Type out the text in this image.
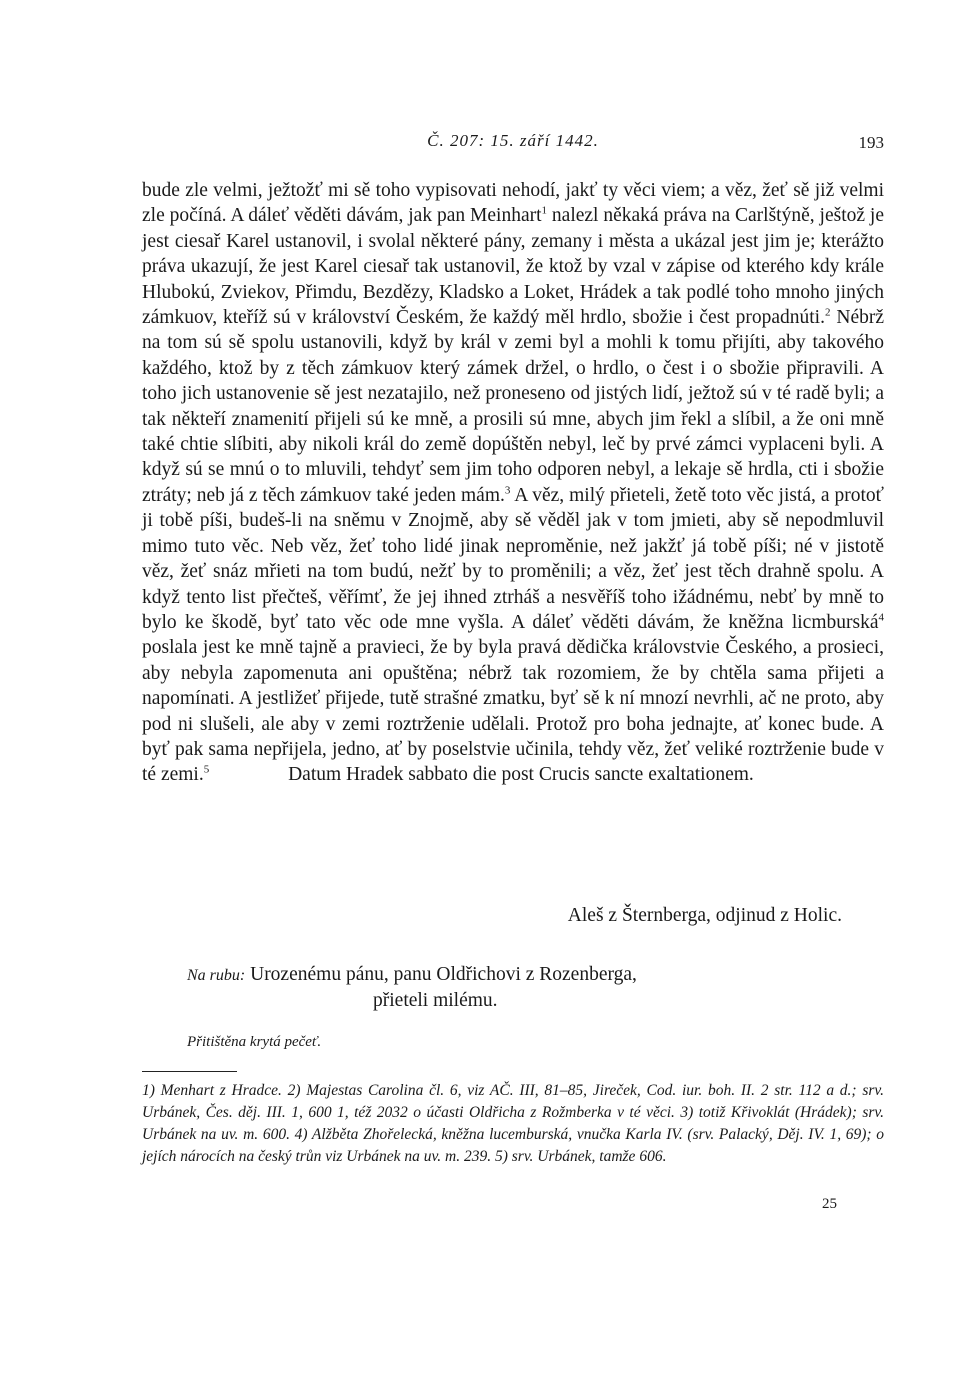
Č. 207: 15. září 1442.	193
bude zle velmi, ježtožť mi sě toho vypisovati nehodí, jakť ty věci viem; a věz, žeť sě již velmi zle počíná. A dáleť věděti dávám, jak pan Meinhart$^1$ nalezl někaká práva na Carlštýně, ještož je jest ciesař Karel ustanovil, i svolal některé pány, zemany i města a ukázal jest jim je; kterážto práva ukazují, že jest Karel ciesař tak ustanovil, že ktož by vzal v zápise od kterého kdy krále Hlubokú, Zviekov, Přimdu, Bezdězy, Kladsko a Loket, Hrádek a tak podlé toho mnoho jiných zámkuov, kteříž sú v království Českém, že každý měl hrdlo, sbožie i čest propadnúti.$^2$ Nébrž na tom sú sě spolu ustanovili, když by král v zemi byl a mohli k tomu přijíti, aby takového každého, ktož by z těch zámkuov který zámek držel, o hrdlo, o čest i o sbožie připravili. A toho jich ustanovenie sě jest nezatajilo, než proneseno od jistých lidí, ježtož sú v té radě byli; a tak někteří znamenití přijeli sú ke mně, a prosili sú mne, abych jim řekl a slíbil, a že oni mně také chtie slíbiti, aby nikoli král do země dopúštěn nebyl, leč by prvé zámci vyplaceni byli. A když sú se mnú o to mluvili, tehdyť sem jim toho odporen nebyl, a lekaje sě hrdla, cti i sbožie ztráty; neb já z těch zámkuov také jeden mám.$^3$ A věz, milý přieteli, žetě toto věc jistá, a protoť ji tobě píši, budeš-li na sněmu v Znojmě, aby sě věděl jak v tom jmieti, aby sě nepodmluvil mimo tuto věc. Neb věz, žeť toho lidé jinak neproměnie, než jakžť já tobě píši; né v jistotě věz, žeť snáz mřieti na tom budú, nežť by to proměnili; a věz, žeť jest těch drahně spolu. A když tento list přečteš, věřímť, že jej ihned ztrháš a nesvěříš toho ižádnému, nebť by mně to bylo ke škodě, byť tato věc ode mne vyšla. A dáleť věděti dávám, že kněžna licmburská$^4$ poslala jest ke mně tajně a pravieci, že by byla pravá dědička královstvie Českého, a prosieci, aby nebyla zapomenuta ani opuštěna; nébrž tak rozomiem, že by chtěla sama přijeti a napomínati. A jestližeť přijede, tutě strašné zmatku, byť sě k ní mnozí nevrhli, ač ne proto, aby pod ni slušeli, ale aby v zemi roztrženie udělali. Protož pro boha jednajte, ať konec bude. A byť pak sama nepřijela, jedno, ať by poselstvie učinila, tehdy věz, žeť veliké roztrženie bude v té zemi.$^5$	Datum Hradek sabbato die post Crucis sancte exaltationem.
Aleš z Šternberga, odjinud z Holic.
Na rubu: Urozenému pánu, panu Oldřichovi z Rozenberga,
přieteli milému.
Přitištěna krytá pečeť.
1) Menhart z Hradce. 2) Majestas Carolina čl. 6, viz AČ. III, 81–85, Jireček, Cod. iur. boh. II. 2 str. 112 a d.; srv. Urbánek, Čes. děj. III. 1, 600 1, též 2032 o účasti Oldřicha z Rožmberka v té věci. 3) totiž Křivoklát (Hrádek); srv. Urbánek na uv. m. 600. 4) Alžběta Zhořelecká, kněžna lucemburská, vnučka Karla IV. (srv. Palacký, Děj. IV. 1, 69); o jejích nárocích na český trůn viz Urbánek na uv. m. 239. 5) srv. Urbánek, tamže 606.
25
